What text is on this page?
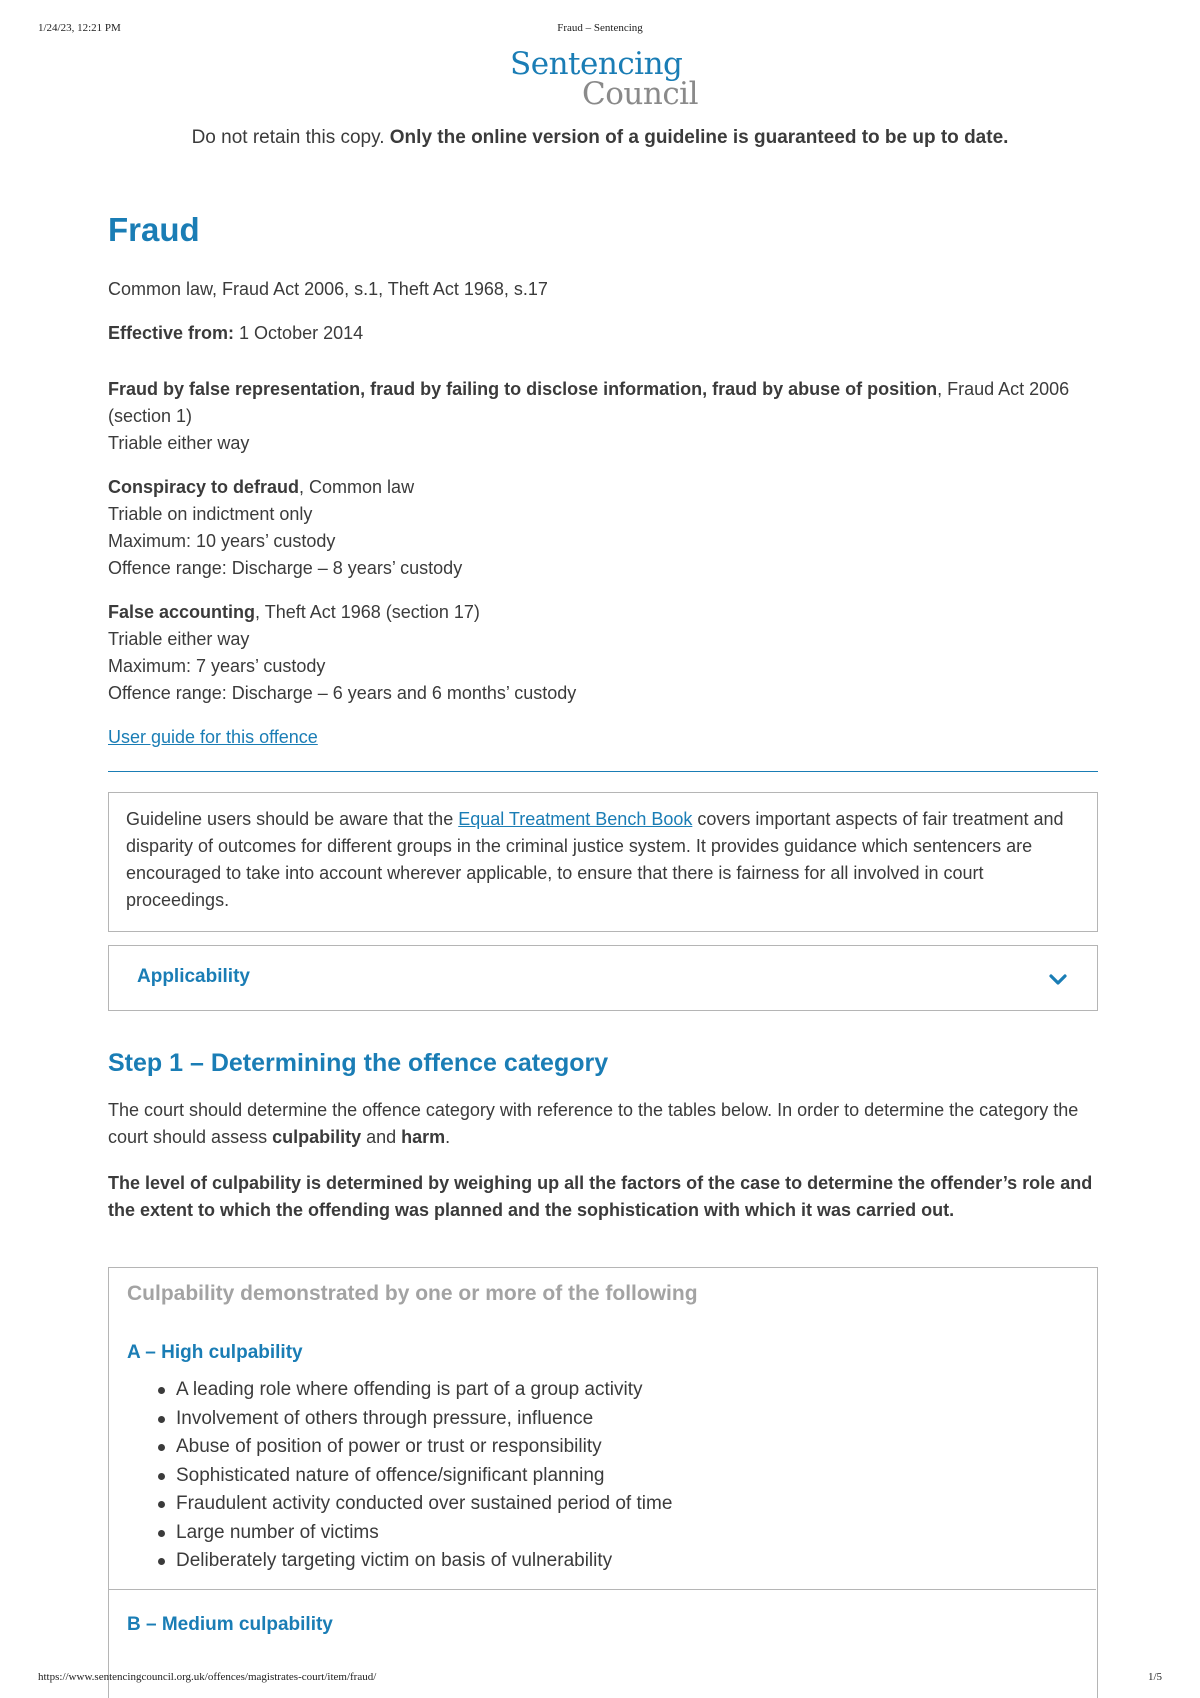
1/24/23, 12:21 PM	Fraud – Sentencing
Sentencing
Council
Do not retain this copy. Only the online version of a guideline is guaranteed to be up to date.
Fraud
Common law, Fraud Act 2006, s.1, Theft Act 1968, s.17
Effective from: 1 October 2014
Fraud by false representation, fraud by failing to disclose information, fraud by abuse of position, Fraud Act 2006 (section 1)
Triable either way
Conspiracy to defraud, Common law
Triable on indictment only
Maximum: 10 years’ custody
Offence range: Discharge – 8 years’ custody
False accounting, Theft Act 1968 (section 17)
Triable either way
Maximum: 7 years’ custody
Offence range: Discharge – 6 years and 6 months’ custody
User guide for this offence
Guideline users should be aware that the Equal Treatment Bench Book covers important aspects of fair treatment and disparity of outcomes for different groups in the criminal justice system. It provides guidance which sentencers are encouraged to take into account wherever applicable, to ensure that there is fairness for all involved in court proceedings.
Applicability
Step 1 – Determining the offence category
The court should determine the offence category with reference to the tables below. In order to determine the category the court should assess culpability and harm.
The level of culpability is determined by weighing up all the factors of the case to determine the offender’s role and the extent to which the offending was planned and the sophistication with which it was carried out.
Culpability demonstrated by one or more of the following
A – High culpability
A leading role where offending is part of a group activity
Involvement of others through pressure, influence
Abuse of position of power or trust or responsibility
Sophisticated nature of offence/significant planning
Fraudulent activity conducted over sustained period of time
Large number of victims
Deliberately targeting victim on basis of vulnerability
B – Medium culpability
https://www.sentencingcouncil.org.uk/offences/magistrates-court/item/fraud/	1/5
